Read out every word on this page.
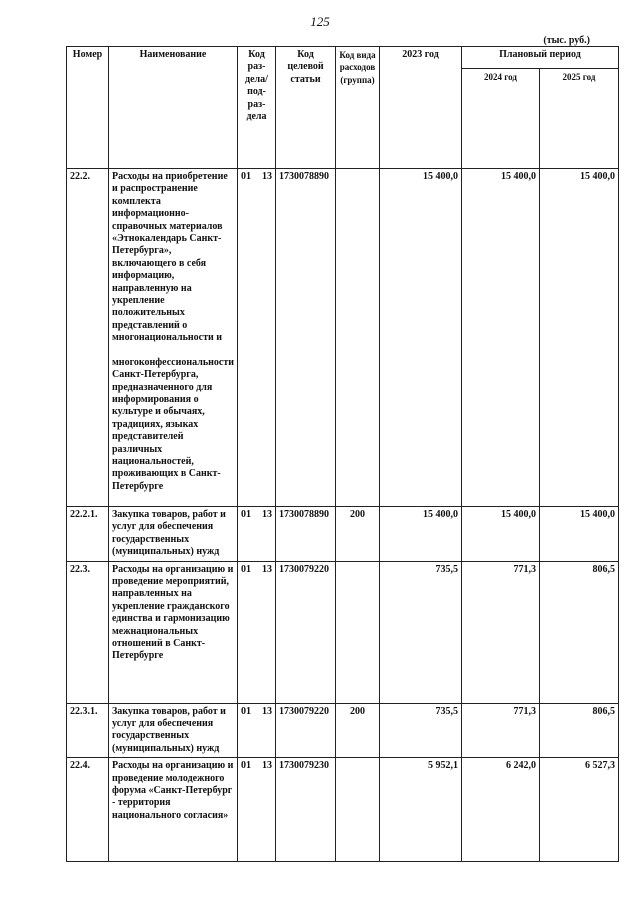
125
(тыс. руб.)
Номер	Наименование	Код раз-дела/ под-раз-дела	Код целевой статьи	Код вида расходов (группа)	2023 год	Плановый период	
						2024 год	2025 год
22.2.	Расходы на приобретение и распространение комплекта информационно-справочных материалов «Этнокалендарь Санкт-Петербурга», включающего в себя информацию, направленную на укрепление положительных представлений о многонациональности и
многоконфессиональности Санкт-Петербурга, предназначенного для информирования о культуре и обычаях, традициях, языках представителей различных национальностей, проживающих в Санкт-Петербурге	01 13	1730078890		15 400,0	15 400,0	15 400,0
22.2.1.	Закупка товаров, работ и услуг для обеспечения государственных (муниципальных) нужд	01 13	1730078890	200	15 400,0	15 400,0	15 400,0
22.3.	Расходы на организацию и проведение мероприятий, направленных на укрепление гражданского единства и гармонизацию межнациональных отношений в Санкт-Петербурге	01 13	1730079220		735,5	771,3	806,5
22.3.1.	Закупка товаров, работ и услуг для обеспечения государственных (муниципальных) нужд	01 13	1730079220	200	735,5	771,3	806,5
22.4.	Расходы на организацию и проведение молодежного форума «Санкт-Петербург - территория национального согласия»	01 13	1730079230		5 952,1	6 242,0	6 527,3
